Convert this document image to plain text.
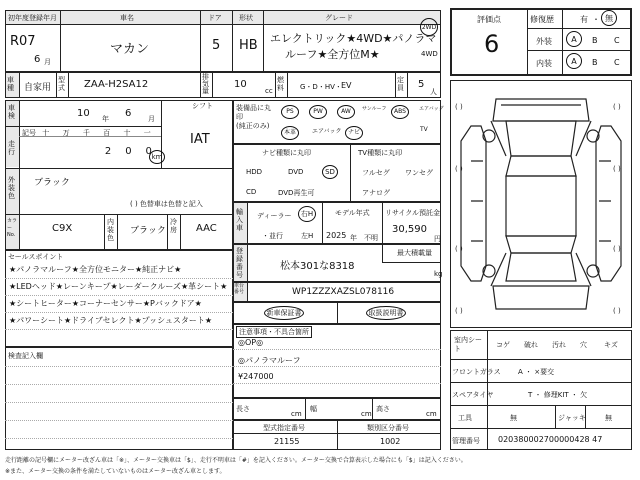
初年度登録年月	車名	ドア 形状	グレード
R07
6 月
マカン	5 HB エレクトリック★4WD★パノラマ
ルーフ★全方位M★
2WD
4WD
車種	自家用
型式 ZAA-H2SA12
排気量
10
cc
燃料 G・D・HV・ EV
定員 5
人
評価点
6
修復歴	有 ・ 無
外装	A	B C
内装	A	B C
車検	10 年 6 月
シフト
IAT
走行
記号 十 万 千 百 十 一
2 0 0 km
外装色
ブラック
( ) 色替車は色替と記入
カラーNo.
C9X
内装色
ブラック
冷房 AAC
装備品に丸印
(純正のみ)
PS	PW	AW	サンルーフ	ABS	エアバッグ
本革	エアバック	ナビ	TV
ナビ種類に丸印	TV種類に丸印
HDD	DVD	SD
CD	DVD再生可
フルセグ ワンセグ
アナログ
輸入車
ディーラー
・並行
右H
左H
モデル年式
2025 年 不明
リサイクル預託金
30,590
円
登録番号
松本301な8318
最大積載量
kg
車台番号	WP1ZZZXAZSL078116
新車保証書	取扱説明書
セールスポイント
★パノラマルーフ★全方位モニター★純正ナビ★
★LEDヘッド★レーンキープ★レーダークルーズ★革シート★
★シートヒーター★コーナーセンサー★Pバックドア★
★パワーシート★ドライブセレクト★プッシュスタート★
検査記入欄
注意事項・不具合箇所
◎OP◎
◎パノラマルーフ
¥247000
長さ
cm
幅
cm
高さ
cm
型式指定番号
21155
類別区分番号
1002
( )	( )
( )	( )
( )	( )
( )	( )
室内シート	コゲ 破れ 汚れ 穴 キズ
フロントガラス A ・ ×要交
スペアタイヤ	T ・ 修理KIT ・ 欠
工具	無	ジャッキ	無
管理番号 020380002700000428 47
走行距離の記号欄にメーター改ざん車は「※」、メーター交換車は「$」、走行不明車は「#」を記入ください。メーター交換で合算表示した場合にも「$」は記入ください。
※また、メーター交換の条件を満たしていないものはメーター改ざん車とします。
